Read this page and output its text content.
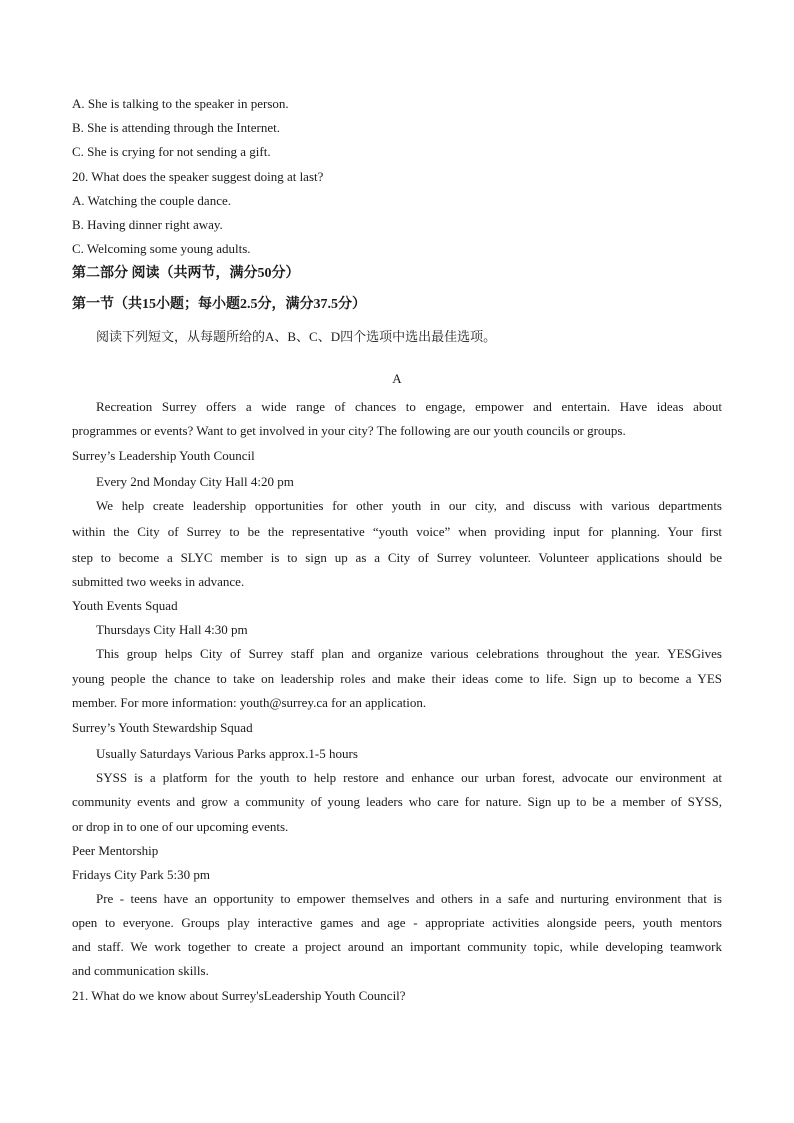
A. She is talking to the speaker in person.
B. She is attending through the Internet.
C. She is crying for not sending a gift.
20. What does the speaker suggest doing at last?
A. Watching the couple dance.
B. Having dinner right away.
C. Welcoming some young adults.
第二部分 阅读（共两节，满分50分）
第一节（共15小题；每小题2.5分，满分37.5分）
阅读下列短文，从每题所给的A、B、C、D四个选项中选出最佳选项。
A
Recreation Surrey offers a wide range of chances to engage, empower and entertain. Have ideas about
programmes or events? Want to get involved in your city? The following are our youth councils or groups.
Surrey’s Leadership Youth Council
Every 2nd Monday City Hall 4:20 pm
We help create leadership opportunities for other youth in our city, and discuss with various departments
within the City of Surrey to be the representative “youth voice” when providing input for planning. Your first
step to become a SLYC member is to sign up as a City of Surrey volunteer. Volunteer applications should be
submitted two weeks in advance.
Youth Events Squad
Thursdays City Hall 4:30 pm
This group helps City of Surrey staff plan and organize various celebrations throughout the year. YESGives
young people the chance to take on leadership roles and make their ideas come to life. Sign up to become a YES
member. For more information: youth@surrey.ca for an application.
Surrey’s Youth Stewardship Squad
Usually Saturdays Various Parks approx.1-5 hours
SYSS is a platform for the youth to help restore and enhance our urban forest, advocate our environment at
community events and grow a community of young leaders who care for nature. Sign up to be a member of SYSS,
or drop in to one of our upcoming events.
Peer Mentorship
Fridays City Park 5:30 pm
Pre - teens have an opportunity to empower themselves and others in a safe and nurturing environment that is
open to everyone. Groups play interactive games and age - appropriate activities alongside peers, youth mentors
and staff. We work together to create a project around an important community topic, while developing teamwork
and communication skills.
21. What do we know about Surrey'sLeadership Youth Council?
